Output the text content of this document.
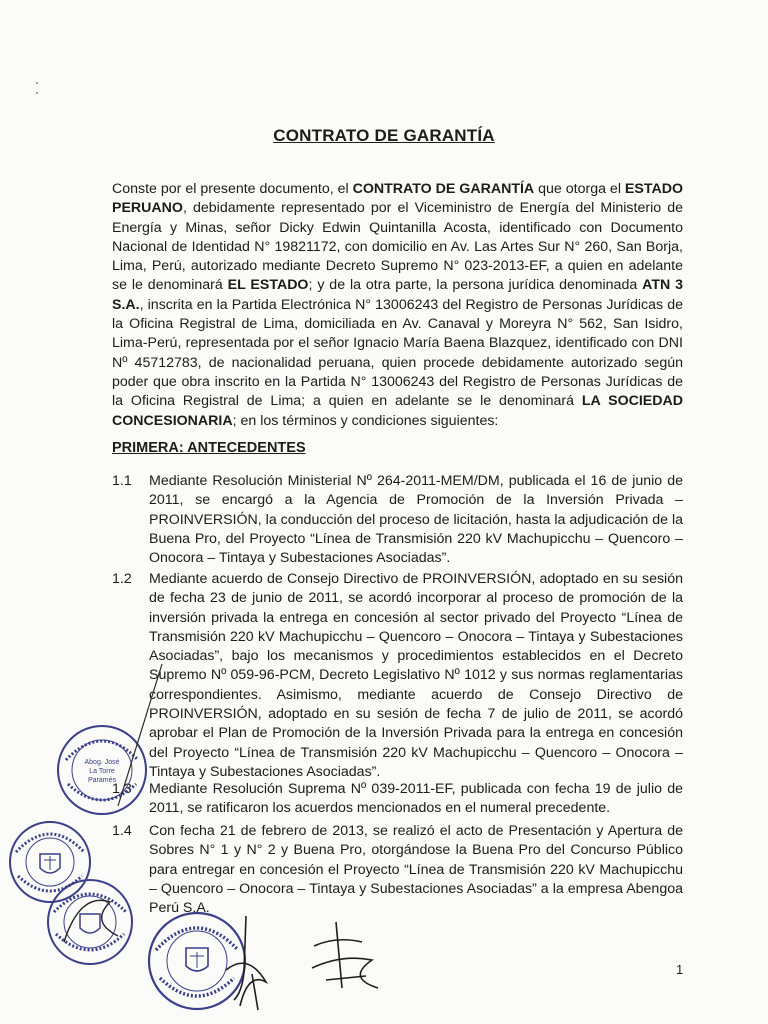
CONTRATO DE GARANTÍA
Conste por el presente documento, el CONTRATO DE GARANTÍA que otorga el ESTADO PERUANO, debidamente representado por el Viceministro de Energía del Ministerio de Energía y Minas, señor Dicky Edwin Quintanilla Acosta, identificado con Documento Nacional de Identidad N° 19821172, con domicilio en Av. Las Artes Sur N° 260, San Borja, Lima, Perú, autorizado mediante Decreto Supremo N° 023-2013-EF, a quien en adelante se le denominará EL ESTADO; y de la otra parte, la persona jurídica denominada ATN 3 S.A., inscrita en la Partida Electrónica N° 13006243 del Registro de Personas Jurídicas de la Oficina Registral de Lima, domiciliada en Av. Canaval y Moreyra N° 562, San Isidro, Lima-Perú, representada por el señor Ignacio María Baena Blazquez, identificado con DNI Nº 45712783, de nacionalidad peruana, quien procede debidamente autorizado según poder que obra inscrito en la Partida N° 13006243 del Registro de Personas Jurídicas de la Oficina Registral de Lima; a quien en adelante se le denominará LA SOCIEDAD CONCESIONARIA; en los términos y condiciones siguientes:
PRIMERA: ANTECEDENTES
1.1	Mediante Resolución Ministerial Nº 264-2011-MEM/DM, publicada el 16 de junio de 2011, se encargó a la Agencia de Promoción de la Inversión Privada – PROINVERSIÓN, la conducción del proceso de licitación, hasta la adjudicación de la Buena Pro, del Proyecto “Línea de Transmisión 220 kV Machupicchu – Quencoro – Onocora – Tintaya y Subestaciones Asociadas”.
1.2	Mediante acuerdo de Consejo Directivo de PROINVERSIÓN, adoptado en su sesión de fecha 23 de junio de 2011, se acordó incorporar al proceso de promoción de la inversión privada la entrega en concesión al sector privado del Proyecto “Línea de Transmisión 220 kV Machupicchu – Quencoro – Onocora – Tintaya y Subestaciones Asociadas”, bajo los mecanismos y procedimientos establecidos en el Decreto Supremo Nº 059-96-PCM, Decreto Legislativo Nº 1012 y sus normas reglamentarias correspondientes. Asimismo, mediante acuerdo de Consejo Directivo de PROINVERSIÓN, adoptado en su sesión de fecha 7 de julio de 2011, se acordó aprobar el Plan de Promoción de la Inversión Privada para la entrega en concesión del Proyecto “Línea de Transmisión 220 kV Machupicchu – Quencoro – Onocora – Tintaya y Subestaciones Asociadas”.
1.3	Mediante Resolución Suprema Nº 039-2011-EF, publicada con fecha 19 de julio de 2011, se ratificaron los acuerdos mencionados en el numeral precedente.
1.4	Con fecha 21 de febrero de 2013, se realizó el acto de Presentación y Apertura de Sobres N° 1 y N° 2 y Buena Pro, otorgándose la Buena Pro del Concurso Público para entregar en concesión el Proyecto “Línea de Transmisión 220 kV Machupicchu – Quencoro – Onocora – Tintaya y Subestaciones Asociadas” a la empresa Abengoa Perú S.A.
Abog. José
La Torre
Paramés
1
